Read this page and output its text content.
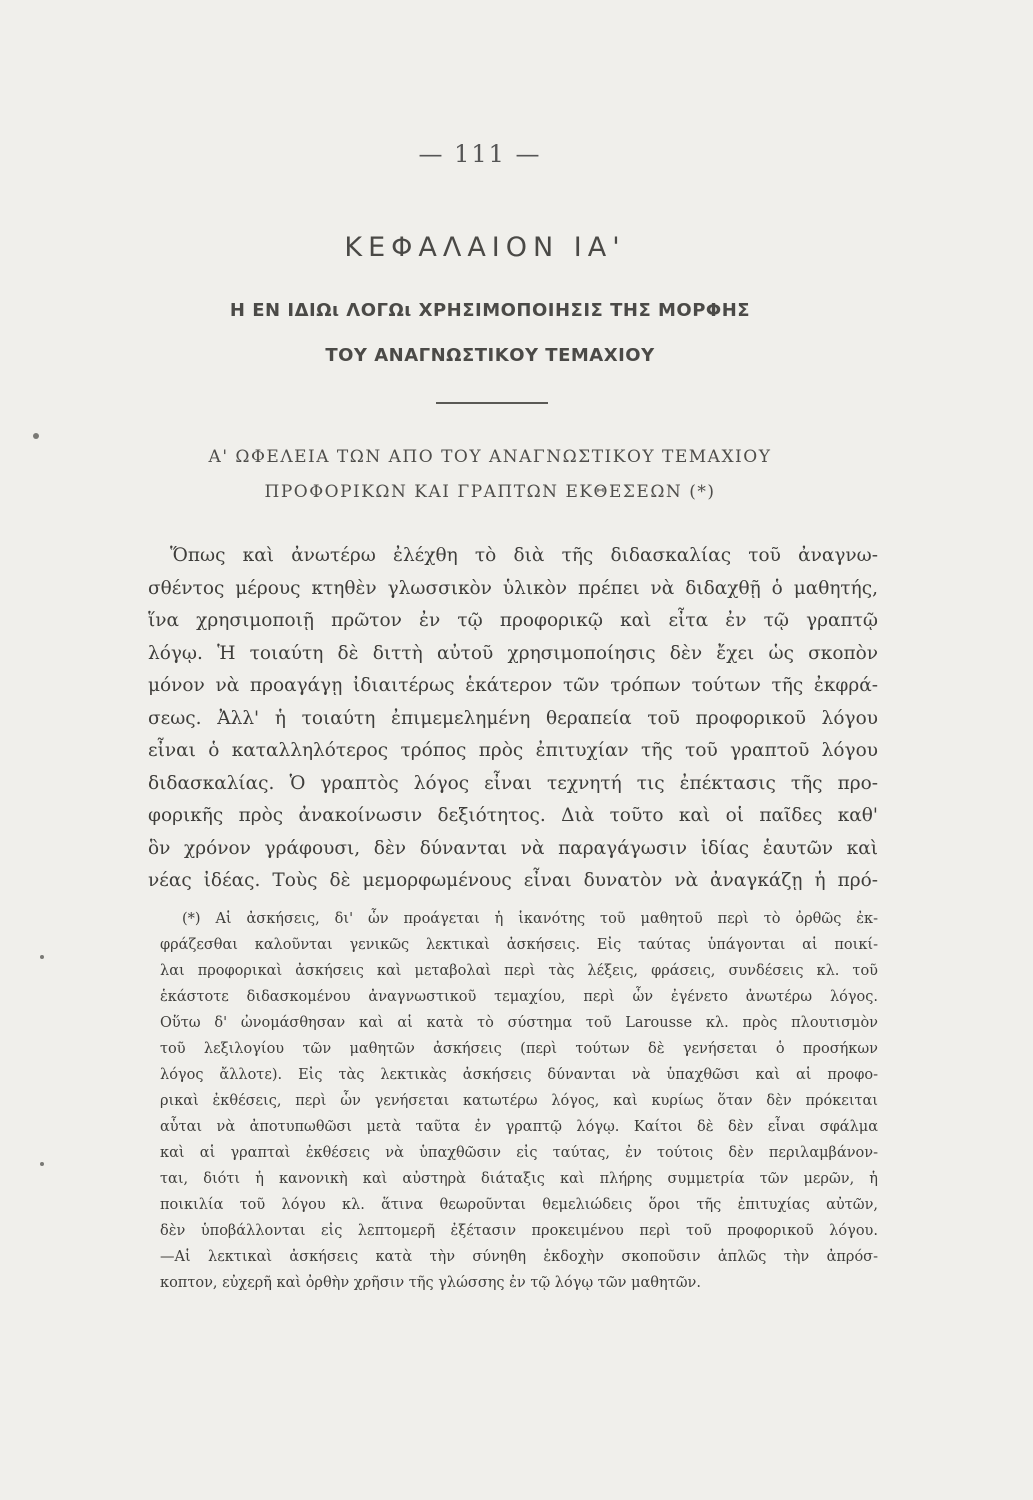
— 111 —
ΚΕΦΑΛΑΙΟΝ ΙΑ'
Η ΕΝ ΙΔΙΩι ΛΟΓΩι ΧΡΗΣΙΜΟΠΟΙΗΣΙΣ ΤΗΣ ΜΟΡΦΗΣ
ΤΟΥ ΑΝΑΓΝΩΣΤΙΚΟΥ ΤΕΜΑΧΙΟΥ
Α' ΩΦΕΛΕΙΑ ΤΩΝ ΑΠΟ ΤΟΥ ΑΝΑΓΝΩΣΤΙΚΟΥ ΤΕΜΑΧΙΟΥ
ΠΡΟΦΟΡΙΚΩΝ ΚΑΙ ΓΡΑΠΤΩΝ ΕΚΘΕΣΕΩΝ (*)
Ὅπως καὶ ἀνωτέρω ἐλέχθη τὸ διὰ τῆς διδασκαλίας τοῦ ἀναγνω-
σθέντος μέρους κτηθὲν γλωσσικὸν ὑλικὸν πρέπει νὰ διδαχθῇ ὁ μαθητής,
ἵνα χρησιμοποιῇ πρῶτον ἐν τῷ προφορικῷ καὶ εἶτα ἐν τῷ γραπτῷ
λόγῳ. Ἡ τοιαύτη δὲ διττὴ αὐτοῦ χρησιμοποίησις δὲν ἔχει ὡς σκοπὸν
μόνον νὰ προαγάγῃ ἰδιαιτέρως ἑκάτερον τῶν τρόπων τούτων τῆς ἐκφρά-
σεως. Ἀλλ' ἡ τοιαύτη ἐπιμεμελημένη θεραπεία τοῦ προφορικοῦ λόγου
εἶναι ὁ καταλληλότερος τρόπος πρὸς ἐπιτυχίαν τῆς τοῦ γραπτοῦ λόγου
διδασκαλίας. Ὁ γραπτὸς λόγος εἶναι τεχνητή τις ἐπέκτασις τῆς προ-
φορικῆς πρὸς ἀνακοίνωσιν δεξιότητος. Διὰ τοῦτο καὶ οἱ παῖδες καθ'
ὃν χρόνον γράφουσι, δὲν δύνανται νὰ παραγάγωσιν ἰδίας ἑαυτῶν καὶ
νέας ἰδέας. Τοὺς δὲ μεμορφωμένους εἶναι δυνατὸν νὰ ἀναγκάζῃ ἡ πρό-
(*) Αἱ ἀσκήσεις, δι' ὧν προάγεται ἡ ἱκανότης τοῦ μαθητοῦ περὶ τὸ ὀρθῶς ἐκ-
φράζεσθαι καλοῦνται γενικῶς λεκτικαὶ ἀσκήσεις. Εἰς ταύτας ὑπάγονται αἱ ποικί-
λαι προφορικαὶ ἀσκήσεις καὶ μεταβολαὶ περὶ τὰς λέξεις, φράσεις, συνδέσεις κλ. τοῦ
ἑκάστοτε διδασκομένου ἀναγνωστικοῦ τεμαχίου, περὶ ὧν ἐγένετο ἀνωτέρω λόγος.
Οὕτω δ' ὠνομάσθησαν καὶ αἱ κατὰ τὸ σύστημα τοῦ Larousse κλ. πρὸς πλουτισμὸν
τοῦ λεξιλογίου τῶν μαθητῶν ἀσκήσεις (περὶ τούτων δὲ γενήσεται ὁ προσήκων
λόγος ἄλλοτε). Εἰς τὰς λεκτικὰς ἀσκήσεις δύνανται νὰ ὑπαχθῶσι καὶ αἱ προφο-
ρικαὶ ἐκθέσεις, περὶ ὧν γενήσεται κατωτέρω λόγος, καὶ κυρίως ὅταν δὲν πρόκειται
αὗται νὰ ἀποτυπωθῶσι μετὰ ταῦτα ἐν γραπτῷ λόγῳ. Καίτοι δὲ δὲν εἶναι σφάλμα
καὶ αἱ γραπταὶ ἐκθέσεις νὰ ὑπαχθῶσιν εἰς ταύτας, ἐν τούτοις δὲν περιλαμβάνον-
ται, διότι ἡ κανονικὴ καὶ αὐστηρὰ διάταξις καὶ πλήρης συμμετρία τῶν μερῶν, ἡ
ποικιλία τοῦ λόγου κλ. ἅτινα θεωροῦνται θεμελιώδεις ὅροι τῆς ἐπιτυχίας αὐτῶν,
δὲν ὑποβάλλονται εἰς λεπτομερῆ ἐξέτασιν προκειμένου περὶ τοῦ προφορικοῦ λόγου.
—Αἱ λεκτικαὶ ἀσκήσεις κατὰ τὴν σύνηθη ἐκδοχὴν σκοποῦσιν ἁπλῶς τὴν ἀπρόσ-
κοπτον, εὐχερῆ καὶ ὀρθὴν χρῆσιν τῆς γλώσσης ἐν τῷ λόγῳ τῶν μαθητῶν.
